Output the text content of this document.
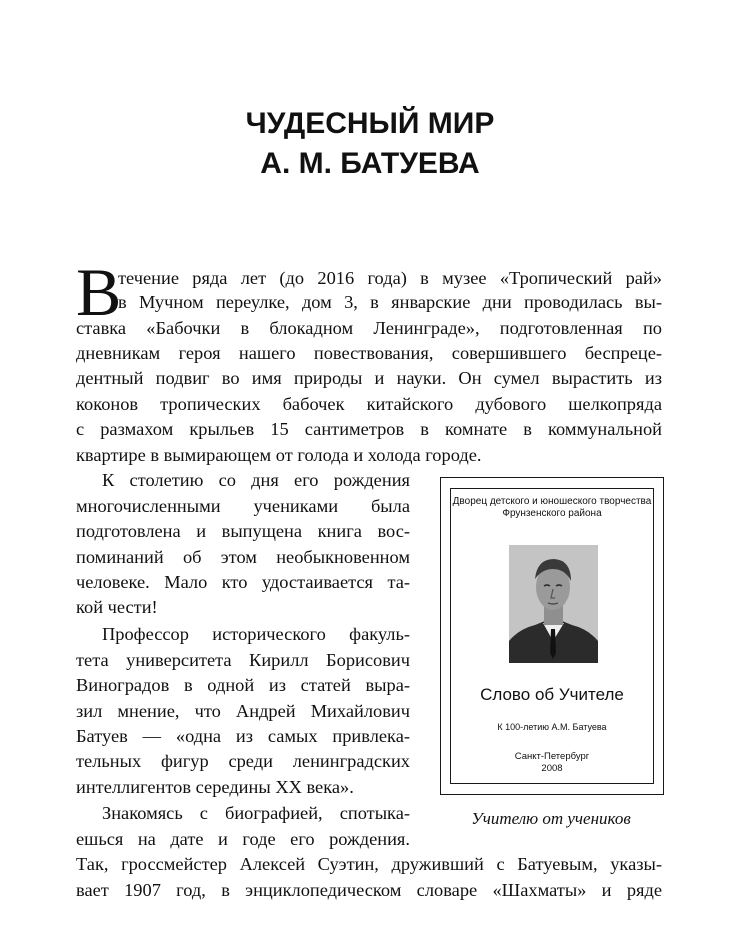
ЧУДЕСНЫЙ МИР
А. М. БАТУЕВА
В
течение ряда лет (до 2016 года) в музее «Тропический рай»
в Мучном переулке, дом 3, в январские дни проводилась вы-
ставка «Бабочки в блокадном Ленинграде», подготовленная по
дневникам героя нашего повествования, совершившего беспреце-
дентный подвиг во имя природы и науки. Он сумел вырастить из
коконов тропических бабочек китайского дубового шелкопряда
с размахом крыльев 15 сантиметров в комнате в коммунальной
квартире в вымирающем от голода и холода городе.
К столетию со дня его рождения
многочисленными учениками была
подготовлена и выпущена книга вос-
поминаний об этом необыкновенном
человеке. Мало кто удостаивается та-
кой чести!
Профессор исторического факуль-
тета университета Кирилл Борисович
Виноградов в одной из статей выра-
зил мнение, что Андрей Михайлович
Батуев — «одна из самых привлека-
тельных фигур среди ленинградских
интеллигентов середины XX века».
Знакомясь с биографией, спотыка-
ешься на дате и годе его рождения.
Так, гроссмейстер Алексей Суэтин, друживший с Батуевым, указы-
вает 1907 год, в энциклопедическом словаре «Шахматы» и ряде
Дворец детского и юношеского творчества
Фрунзенского района
Слово об Учителе
К 100-летию А.М. Батуева
Санкт-Петербург
2008
Учителю от учеников
